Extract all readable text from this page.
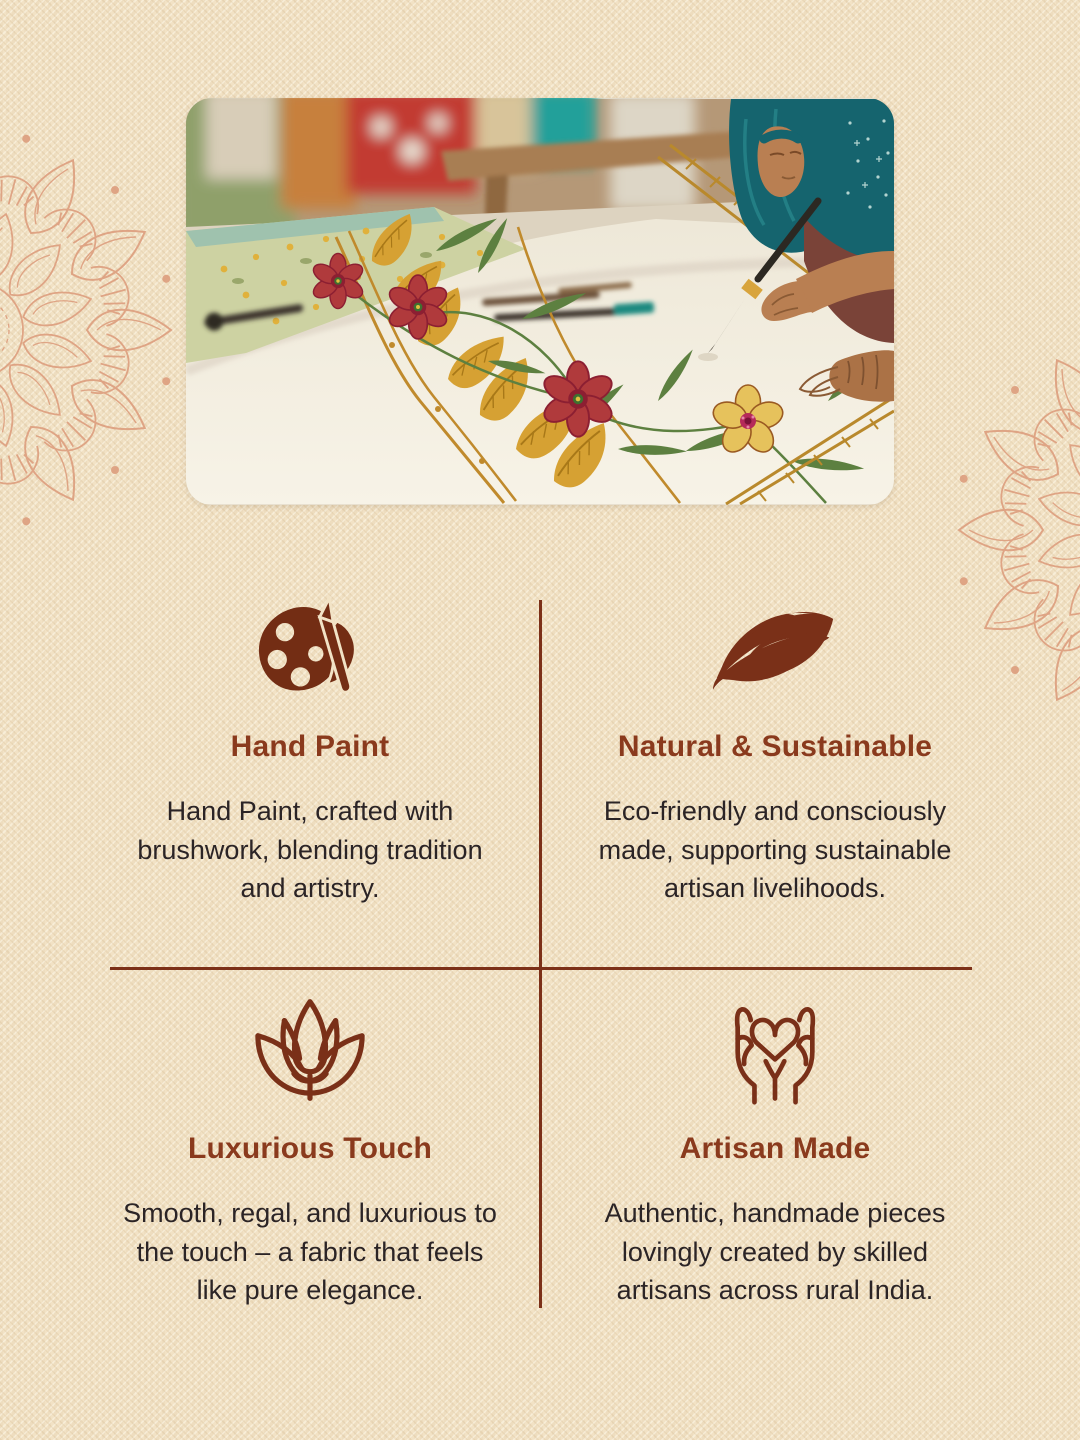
Hand Paint

Hand Paint, crafted with brushwork, blending tradition and artistry.

Natural & Sustainable

Eco-friendly and consciously made, supporting sustainable artisan livelihoods.

Luxurious Touch

Smooth, regal, and luxurious to the touch – a fabric that feels like pure elegance.

Artisan Made

Authentic, handmade pieces lovingly created by skilled artisans across rural India.
